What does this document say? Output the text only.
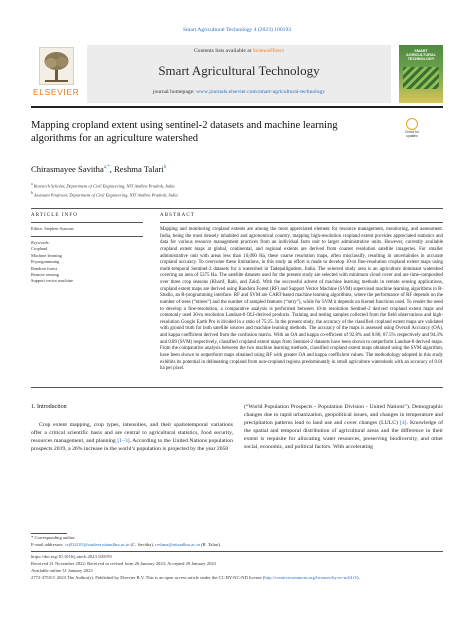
Smart Agricultural Technology 4 (2023) 100193
ELSEVIER
Contents lists available at ScienceDirect
Smart Agricultural Technology
journal homepage: www.journals.elsevier.com/smart-agricultural-technology
SMART AGRICULTURAL TECHNOLOGY
Mapping cropland extent using sentinel-2 datasets and machine learning algorithms for an agriculture watershed
Check for updates
Chirasmayee Savitha$^{a,*}$, Reshma Talari$^b$
$^a$ Research Scholar, Department of Civil Engineering, NIT Andhra Pradesh, India
$^b$ Assistant Professor, Department of Civil Engineering, NIT Andhra Pradesh, India
ARTICLE INFO	ABSTRACT
Editor: Stephen Symons
Keywords:
Cropland
Machine learning
R-programming
Random forest
Remote sensing
Support vector machine

Mapping and monitoring cropland extents are among the most appreciated element for resource management, monitoring, and assessment. India, being the most densely inhabited and agronomical country, mapping high-resolution cropland extent provides appreciated statistics and data for various resource management practices from an individual farm unit to larger administrative units. However, currently available cropland extent maps at global, continental, and regional extents are derived from coarser resolution satellite imageries. For smaller administrative unit with areas less than 10,000 Ha, these coarse resolution maps, often misclassify, resulting in uncertainties in accurate cropland accuracy. To overcome these limitations, in this study an effort is made to develop 10-m fine-resolution cropland extent maps using multi-temporal Sentinel-2 datasets for a watershed in Tadepalligudem, India. The selected study area is an agriculture dominant watershed covering an area of 5375 Ha. The satellite datasets used for the present study are selected with minimum cloud cover and are time-composited over three crop seasons (Kharif, Rabi, and Zaid). With the successful advent of machine learning methods in remote sensing applications, cropland extent maps are derived using Random Forest (RF) and Support Vector Machine (SVM) supervised machine learning algorithms in R-Studio, an R-programming interface. RF and SVM are CART-based machine learning algorithms, where the performance of RF depends on the number of trees (“ntrees”) and the number of sampled features (“mtry”), while for SVM it depends on Kernel functions used. To render the need to develop a fine-resolution, a comparative analysis is performed between 10-m resolution Sentinel-2 derived cropland extent maps and commonly used 30-m resolution Landsat-8 OLI-derived products. Training and testing samples collected from the field observations and high-resolution Google Earth Pro is divided in a ratio of 75:25. In the present study, the accuracy of the classified cropland extent maps are validated with ground truth for both satellite sources and machine learning methods. The accuracy of the maps is assessed using Overall Accuracy (OA), and kappa coefficient derived from the confusion matrix. With an OA and kappa co-efficient of 92.8% and 0.86; 87.5% respectively and 94.3% and 0.89 (SVM) respectively, classified cropland extent maps from Sentinel-2 datasets have been shown to outperform Landsat-8 derived maps. From the comparative analysis between the two machine learning methods, classified cropland extent maps obtained using the SVM algorithm, have been shown to outperform maps obtained using RF with greater OA and kappa coefficient values. The methodology adopted in this study exhibits its potential in delineating cropland from non-cropland regions predominantly in small agriculture watersheds with an accuracy of 0.01 ha per pixel.

1. Introduction

Crop extent mapping, crop types, intensities, and their spatiotemporal variations offer a critical scientific basis and are central to agricultural statistics, food security, resources management, and planning [1–3]. According to the United Nations population prospects 2019, a 26% increase in the world’s population is projected by the year 2050

(“World Population Prospects - Population Division - United Nations”). Demographic changes due to rapid urbanization, geopolitical issues, and changes in temperature and precipitation patterns lead to land use and cover changes (LULC) [4]. Knowledge of the spatial and temporal distribution of agricultural areas and the difference in their extent is requisite for allocating water resources, preserving biodiversity, and other social, economic, and political factors. With accelerating

* Corresponding author.
E-mail addresses: csj032103@student.nitandhra.ac.in (C. Savitha), reshma@nitandhra.ac.in (R. Talari).
https://doi.org/10.1016/j.atech.2023.100193
Received 21 November 2022; Received in revised form 26 January 2023; Accepted 29 January 2023
Available online 31 January 2023
2772-3755/© 2023 The Author(s). Published by Elsevier B.V. This is an open access article under the CC BY-NC-ND license (http://creativecommons.org/licenses/by-nc-nd/4.0/).
